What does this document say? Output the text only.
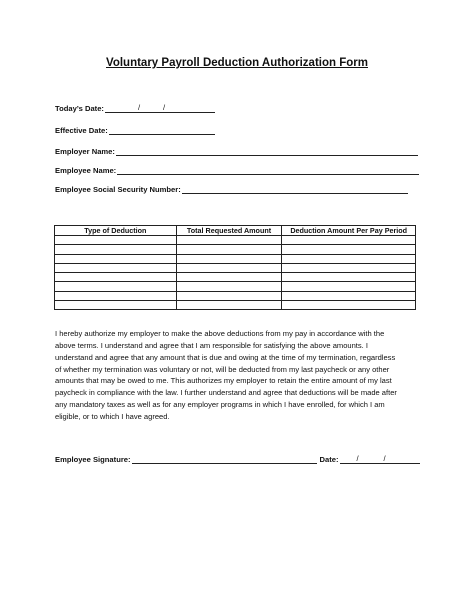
Voluntary Payroll Deduction Authorization Form
Today’s Date:	/	/
Effective Date:
Employer Name:
Employee Name:
Employee Social Security Number:
Type of Deduction	Total Requested Amount	Deduction Amount Per Pay Period

I hereby authorize my employer to make the above deductions from my pay in accordance with the
above terms. I understand and agree that I am responsible for satisfying the above amounts. I
understand and agree that any amount that is due and owing at the time of my termination, regardless
of whether my termination was voluntary or not, will be deducted from my last paycheck or any other
amounts that may be owed to me. This authorizes my employer to retain the entire amount of my last
paycheck in compliance with the law. I further understand and agree that deductions will be made after
any mandatory taxes as well as for any employer programs in which I have enrolled, for which I am
eligible, or to which I have agreed.
Employee Signature:	Date: /	/
